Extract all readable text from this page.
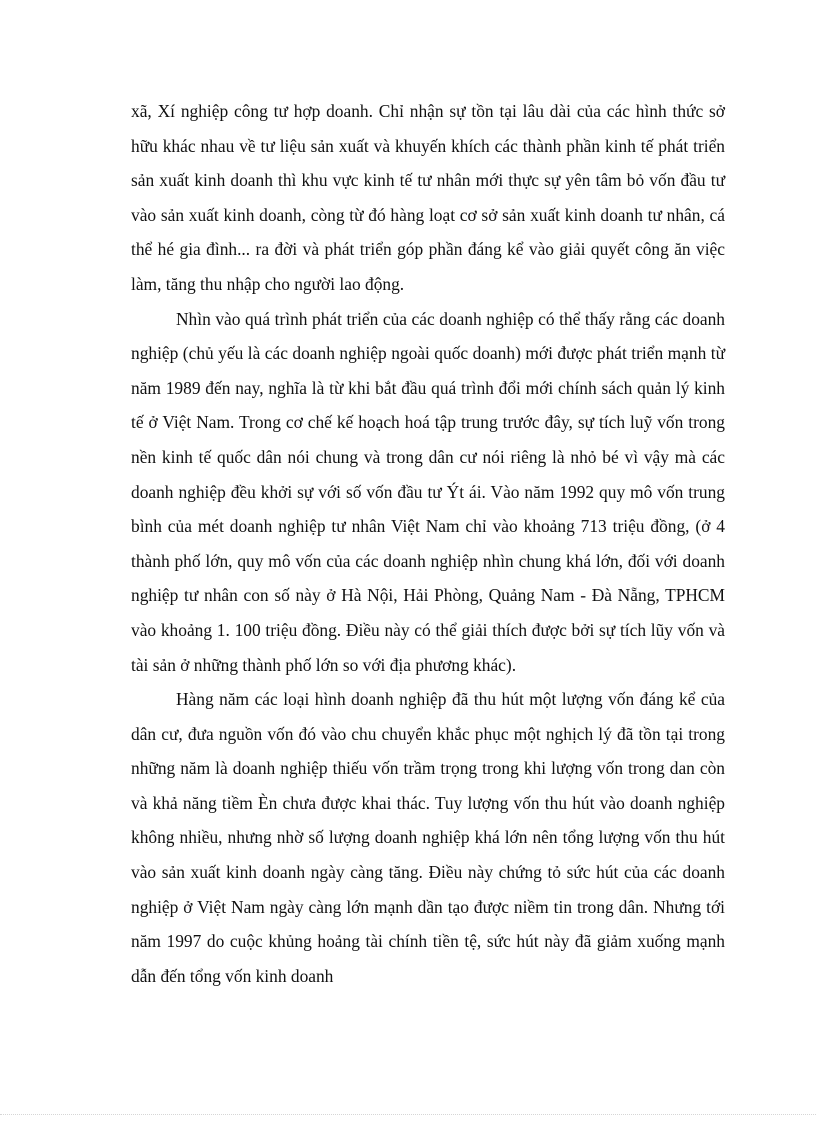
xã, Xí nghiệp công tư hợp doanh. Chỉ nhận sự tồn tại lâu dài của các hình thức sở hữu khác nhau về tư liệu sản xuất và khuyến khích các thành phần kinh tế phát triển sản xuất kinh doanh thì khu vực kinh tế tư nhân mới thực sự yên tâm bỏ vốn đầu tư vào sản xuất kinh doanh, còng từ đó hàng loạt cơ sở sản xuất kinh doanh tư nhân, cá thể hé gia đình... ra đời và phát triển góp phần đáng kể vào giải quyết công ăn việc làm, tăng thu nhập cho người lao động.

Nhìn vào quá trình phát triển của các doanh nghiệp có thể thấy rằng các doanh nghiệp (chủ yếu là các doanh nghiệp ngoài quốc doanh) mới được phát triển mạnh từ năm 1989 đến nay, nghĩa là từ khi bắt đầu quá trình đổi mới chính sách quản lý kinh tế ở Việt Nam. Trong cơ chế kế hoạch hoá tập trung trước đây, sự tích luỹ vốn trong nền kinh tế quốc dân nói chung và trong dân cư nói riêng là nhỏ bé vì vậy mà các doanh nghiệp đều khởi sự với số vốn đầu tư Ýt ái. Vào năm 1992 quy mô vốn trung bình của mét doanh nghiệp tư nhân Việt Nam chỉ vào khoảng 713 triệu đồng, (ở 4 thành phố lớn, quy mô vốn của các doanh nghiệp nhìn chung khá lớn, đối với doanh nghiệp tư nhân con số này ở Hà Nội, Hải Phòng, Quảng Nam - Đà Nẵng, TPHCM vào khoảng 1. 100 triệu đồng. Điều này có thể giải thích được bởi sự tích lũy vốn và tài sản ở những thành phố lớn so với địa phương khác).

Hàng năm các loại hình doanh nghiệp đã thu hút một lượng vốn đáng kể của dân cư, đưa nguồn vốn đó vào chu chuyển khắc phục một nghịch lý đã tồn tại trong những năm là doanh nghiệp thiếu vốn trầm trọng trong khi lượng vốn trong dan còn và khả năng tiềm Èn chưa được khai thác. Tuy lượng vốn thu hút vào doanh nghiệp không nhiều, nhưng nhờ số lượng doanh nghiệp khá lớn nên tổng lượng vốn thu hút vào sản xuất kinh doanh ngày càng tăng. Điều này chứng tỏ sức hút của các doanh nghiệp ở Việt Nam ngày càng lớn mạnh dần tạo được niềm tin trong dân. Nhưng tới năm 1997 do cuộc khủng hoảng tài chính tiền tệ, sức hút này đã giảm xuống mạnh dẫn đến tổng vốn kinh doanh
